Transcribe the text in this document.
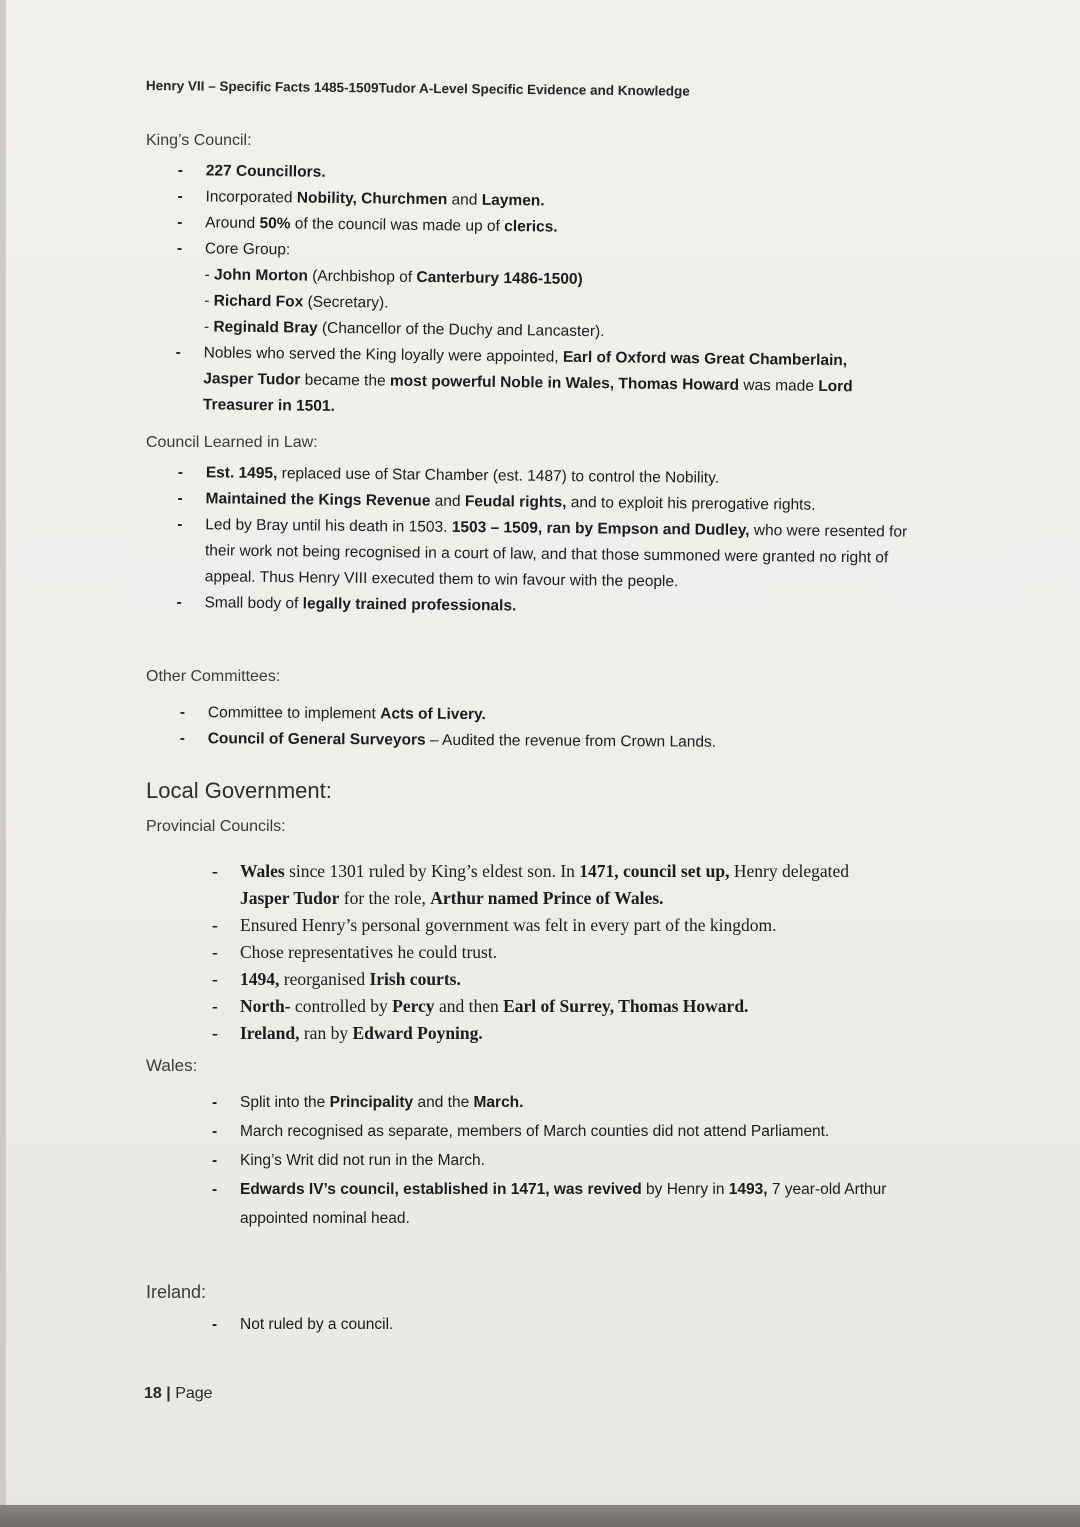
Henry VII – Specific Facts 1485-1509Tudor A-Level Specific Evidence and Knowledge
King’s Council:
- 227 Councillors.
- Incorporated Nobility, Churchmen and Laymen.
- Around 50% of the council was made up of clerics.
- Core Group:
- John Morton (Archbishop of Canterbury 1486-1500)
- Richard Fox (Secretary).
- Reginald Bray (Chancellor of the Duchy and Lancaster).
- Nobles who served the King loyally were appointed, Earl of Oxford was Great Chamberlain, Jasper Tudor became the most powerful Noble in Wales, Thomas Howard was made Lord Treasurer in 1501.
Council Learned in Law:
- Est. 1495, replaced use of Star Chamber (est. 1487) to control the Nobility.
- Maintained the Kings Revenue and Feudal rights, and to exploit his prerogative rights.
- Led by Bray until his death in 1503. 1503 – 1509, ran by Empson and Dudley, who were resented for their work not being recognised in a court of law, and that those summoned were granted no right of appeal. Thus Henry VIII executed them to win favour with the people.
- Small body of legally trained professionals.
Other Committees:
- Committee to implement Acts of Livery.
- Council of General Surveyors – Audited the revenue from Crown Lands.
Local Government:
Provincial Councils:
- Wales since 1301 ruled by King’s eldest son. In 1471, council set up, Henry delegated Jasper Tudor for the role, Arthur named Prince of Wales.
- Ensured Henry’s personal government was felt in every part of the kingdom.
- Chose representatives he could trust.
- 1494, reorganised Irish courts.
- North- controlled by Percy and then Earl of Surrey, Thomas Howard.
- Ireland, ran by Edward Poyning.
Wales:
- Split into the Principality and the March.
- March recognised as separate, members of March counties did not attend Parliament.
- King’s Writ did not run in the March.
- Edwards IV’s council, established in 1471, was revived by Henry in 1493, 7 year-old Arthur appointed nominal head.
Ireland:
- Not ruled by a council.
18 | Page
